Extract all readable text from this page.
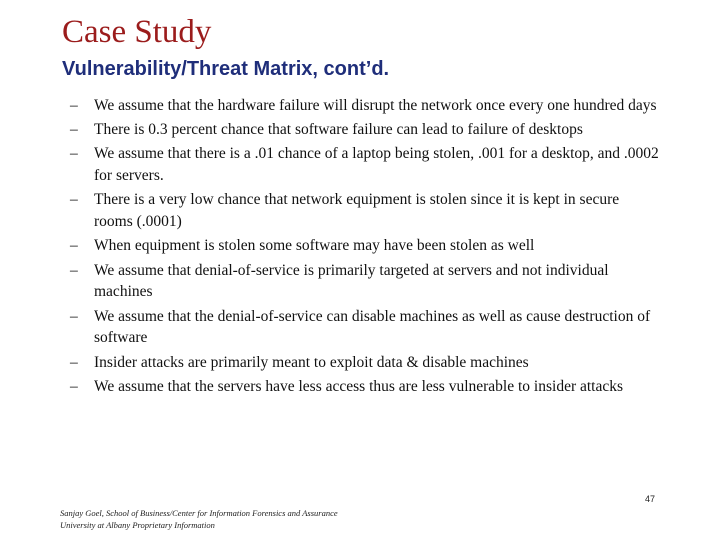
Case Study
Vulnerability/Threat Matrix, cont’d.
–	We assume that the hardware failure will disrupt the network once every one hundred days
–	There is 0.3 percent chance that software failure can lead to failure of desktops
–	We assume that there is a .01 chance of a laptop being stolen, .001 for a desktop, and .0002 for servers.
–	There is a very low chance that network equipment is stolen since it is kept in secure rooms (.0001)
–	When equipment is stolen some software may have been stolen as well
–	We assume that denial-of-service is primarily targeted at servers and not individual machines
–	We assume that the denial-of-service can disable machines as well as cause destruction of software
–	Insider attacks are primarily meant to exploit data & disable machines
–	We assume that the servers have less access thus are less vulnerable to insider attacks
Sanjay Goel, School of Business/Center for Information Forensics and Assurance
University at Albany Proprietary Information
47
